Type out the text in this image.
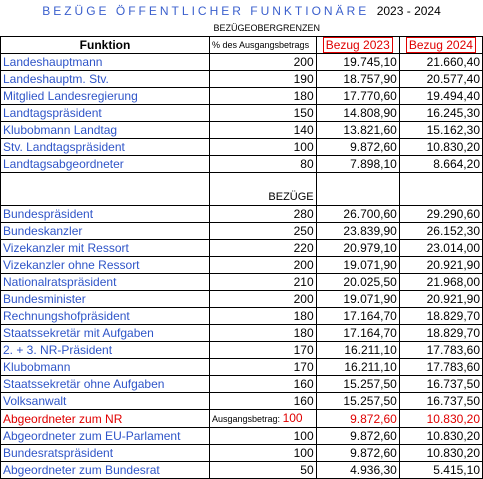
BEZÜGE ÖFFENTLICHER FUNKTIONÄRE 2023 - 2024
	BEZÜGEOBERGRENZEN		
Funktion	% des Ausgangsbetrags	Bezug 2023	Bezug 2024
Landeshauptmann	200	19.745,10	21.660,40
Landeshauptm. Stv.	190	18.757,90	20.577,40
Mitglied Landesregierung	180	17.770,60	19.494,40
Landtagspräsident	150	14.808,90	16.245,30
Klubobmann Landtag	140	13.821,60	15.162,30
Stv. Landtagspräsident	100	9.872,60	10.830,20
Landtagsabgeordneter	80	7.898,10	8.664,20

	BEZÜGE		
Bundespräsident	280	26.700,60	29.290,60
Bundeskanzler	250	23.839,90	26.152,30
Vizekanzler mit Ressort	220	20.979,10	23.014,00
Vizekanzler ohne Ressort	200	19.071,90	20.921,90
Nationalratspräsident	210	20.025,50	21.968,00
Bundesminister	200	19.071,90	20.921,90
Rechnungshofpräsident	180	17.164,70	18.829,70
Staatssekretär mit Aufgaben	180	17.164,70	18.829,70
2. + 3. NR-Präsident	170	16.211,10	17.783,60
Klubobmann	170	16.211,10	17.783,60
Staatssekretär ohne Aufgaben	160	15.257,50	16.737,50
Volksanwalt	160	15.257,50	16.737,50
Abgeordneter zum NR	Ausgangsbetrag: 100	9.872,60	10.830,20
Abgeordneter zum EU-Parlament	100	9.872,60	10.830,20
Bundesratspräsident	100	9.872,60	10.830,20
Abgeordneter zum Bundesrat	50	4.936,30	5.415,10
